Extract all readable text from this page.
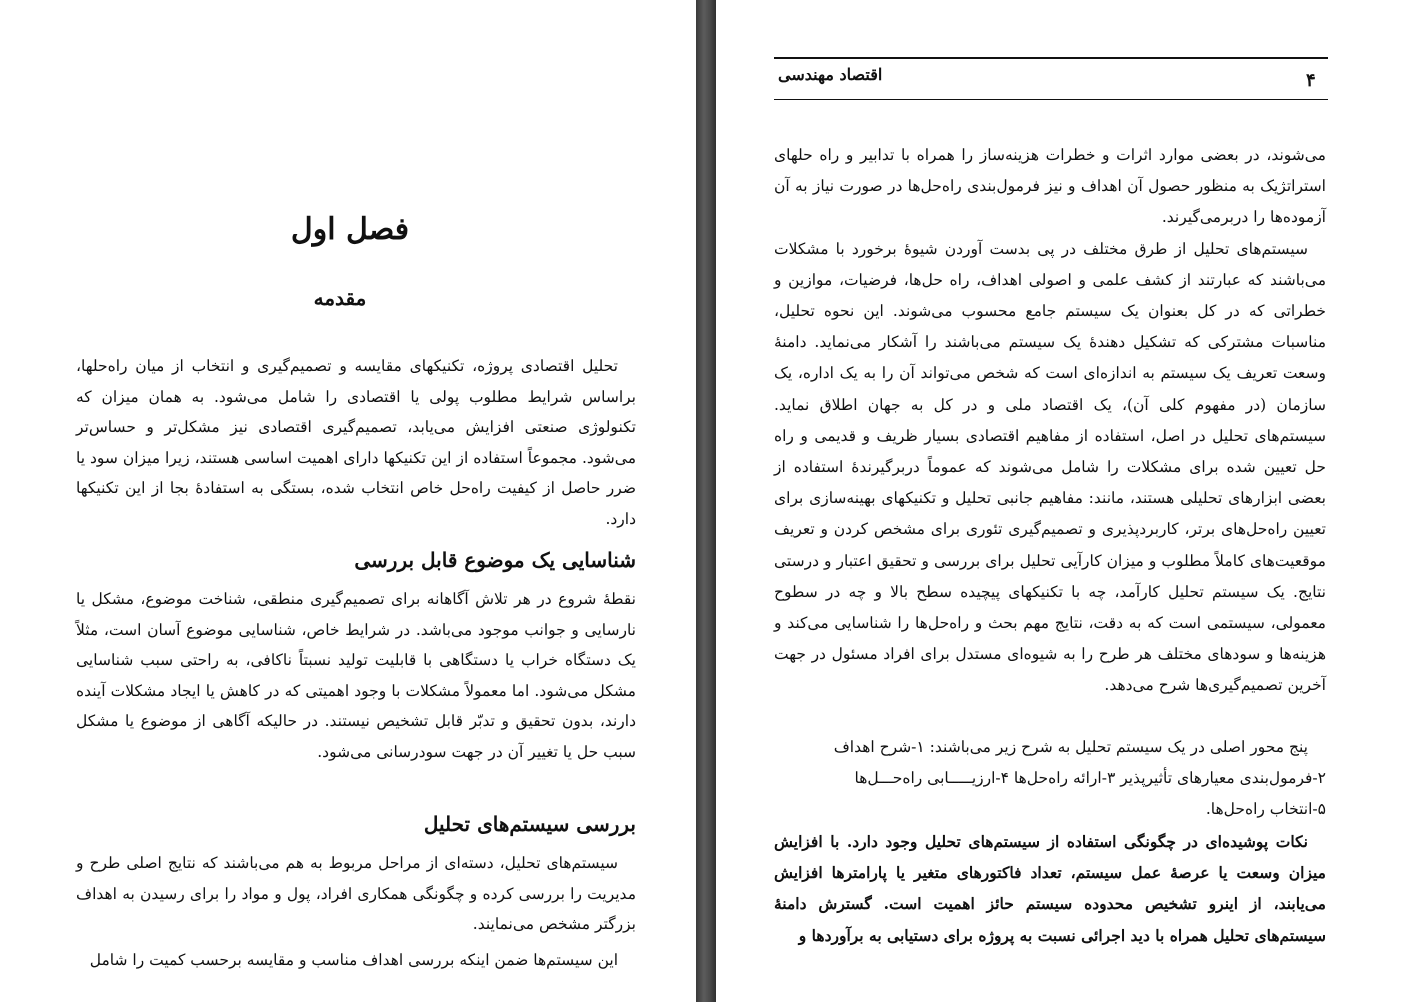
فصل اول
مقدمه

تحلیل اقتصادی پروژه، تکنیکهای مقایسه و تصمیم‌گیری و انتخاب از میان راه‌حلها، براساس شرایط مطلوب پولی یا اقتصادی را شامل می‌شود. به همان میزان که تکنولوژی صنعتی افزایش می‌یابد، تصمیم‌گیری اقتصادی نیز مشکل‌تر و حساس‌تر می‌شود. مجموعاً استفاده از این تکنیکها دارای اهمیت اساسی هستند، زیرا میزان سود یا ضرر حاصل از کیفیت راه‌حل خاص انتخاب شده، بستگی به استفادهٔ بجا از این تکنیکها دارد.

شناسایی یک موضوع قابل بررسی

نقطهٔ شروع در هر تلاش آگاهانه برای تصمیم‌گیری منطقی، شناخت موضوع، مشکل یا نارسایی و جوانب موجود می‌باشد. در شرایط خاص، شناسایی موضوع آسان است، مثلاً یک دستگاه خراب یا دستگاهی با قابلیت تولید نسبتاً ناکافی، به راحتی سبب شناسایی مشکل می‌شود. اما معمولاً مشکلات با وجود اهمیتی که در کاهش یا ایجاد مشکلات آینده دارند، بدون تحقیق و تدبّر قابل تشخیص نیستند. در حالیکه آگاهی از موضوع یا مشکل سبب حل یا تغییر آن در جهت سودرسانی می‌شود.

بررسی سیستم‌های تحلیل

سیستم‌های تحلیل، دسته‌ای از مراحل مربوط به هم می‌باشند که نتایج اصلی طرح و مدیریت را بررسی کرده و چگونگی همکاری افراد، پول و مواد را برای رسیدن به اهداف بزرگتر مشخص می‌نمایند.

این سیستم‌ها ضمن اینکه بررسی اهداف مناسب و مقایسه برحسب کمیت را شامل

اقتصاد مهندسی	۴

می‌شوند، در بعضی موارد اثرات و خطرات هزینه‌ساز را همراه با تدابیر و راه حلهای استراتژیک به منظور حصول آن اهداف و نیز فرمول‌بندی راه‌حل‌ها در صورت نیاز به آن آزموده‌ها را دربرمی‌گیرند.

سیستم‌های تحلیل از طرق مختلف در پی بدست آوردن شیوهٔ برخورد با مشکلات می‌باشند که عبارتند از کشف علمی و اصولی اهداف، راه حل‌ها، فرضیات، موازین و خطراتی که در کل بعنوان یک سیستم جامع محسوب می‌شوند. این نحوه تحلیل، مناسبات مشترکی که تشکیل دهندهٔ یک سیستم می‌باشند را آشکار می‌نماید. دامنهٔ وسعت تعریف یک سیستم به اندازه‌ای است که شخص می‌تواند آن را به یک اداره، یک سازمان (در مفهوم کلی آن)، یک اقتصاد ملی و در کل به جهان اطلاق نماید. سیستم‌های تحلیل در اصل، استفاده از مفاهیم اقتصادی بسیار ظریف و قدیمی و راه حل تعیین شده برای مشکلات را شامل می‌شوند که عموماً دربرگیرندهٔ استفاده از بعضی ابزارهای تحلیلی هستند، مانند: مفاهیم جانبی تحلیل و تکنیکهای بهینه‌سازی برای تعیین راه‌حل‌های برتر، کاربردپذیری و تصمیم‌گیری تئوری برای مشخص کردن و تعریف موقعیت‌های کاملاً مطلوب و میزان کارآیی تحلیل برای بررسی و تحقیق اعتبار و درستی نتایج. یک سیستم تحلیل کارآمد، چه با تکنیکهای پیچیده سطح بالا و چه در سطوح معمولی، سیستمی است که به دقت، نتایج مهم بحث و راه‌حل‌ها را شناسایی می‌کند و هزینه‌ها و سودهای مختلف هر طرح را به شیوه‌ای مستدل برای افراد مسئول در جهت آخرین تصمیم‌گیری‌ها شرح می‌دهد.

پنج محور اصلی در یک سیستم تحلیل به شرح زیر می‌باشند: ۱-شرح اهداف
۲-فرمول‌بندی معیارهای تأثیرپذیر ۳-ارائه راه‌حل‌ها ۴-ارزیـــــابی راه‌حـــل‌ها
۵-انتخاب راه‌حل‌ها.

نکات پوشیده‌ای در چگونگی استفاده از سیستم‌های تحلیل وجود دارد. با افزایش میزان وسعت یا عرصهٔ عمل سیستم، تعداد فاکتورهای متغیر یا پارامترها افزایش می‌یابند، از اینرو تشخیص محدوده سیستم حائز اهمیت است. گسترش دامنهٔ سیستم‌های تحلیل همراه با دید اجرائی نسبت به پروژه برای دستیابی به برآوردها و
